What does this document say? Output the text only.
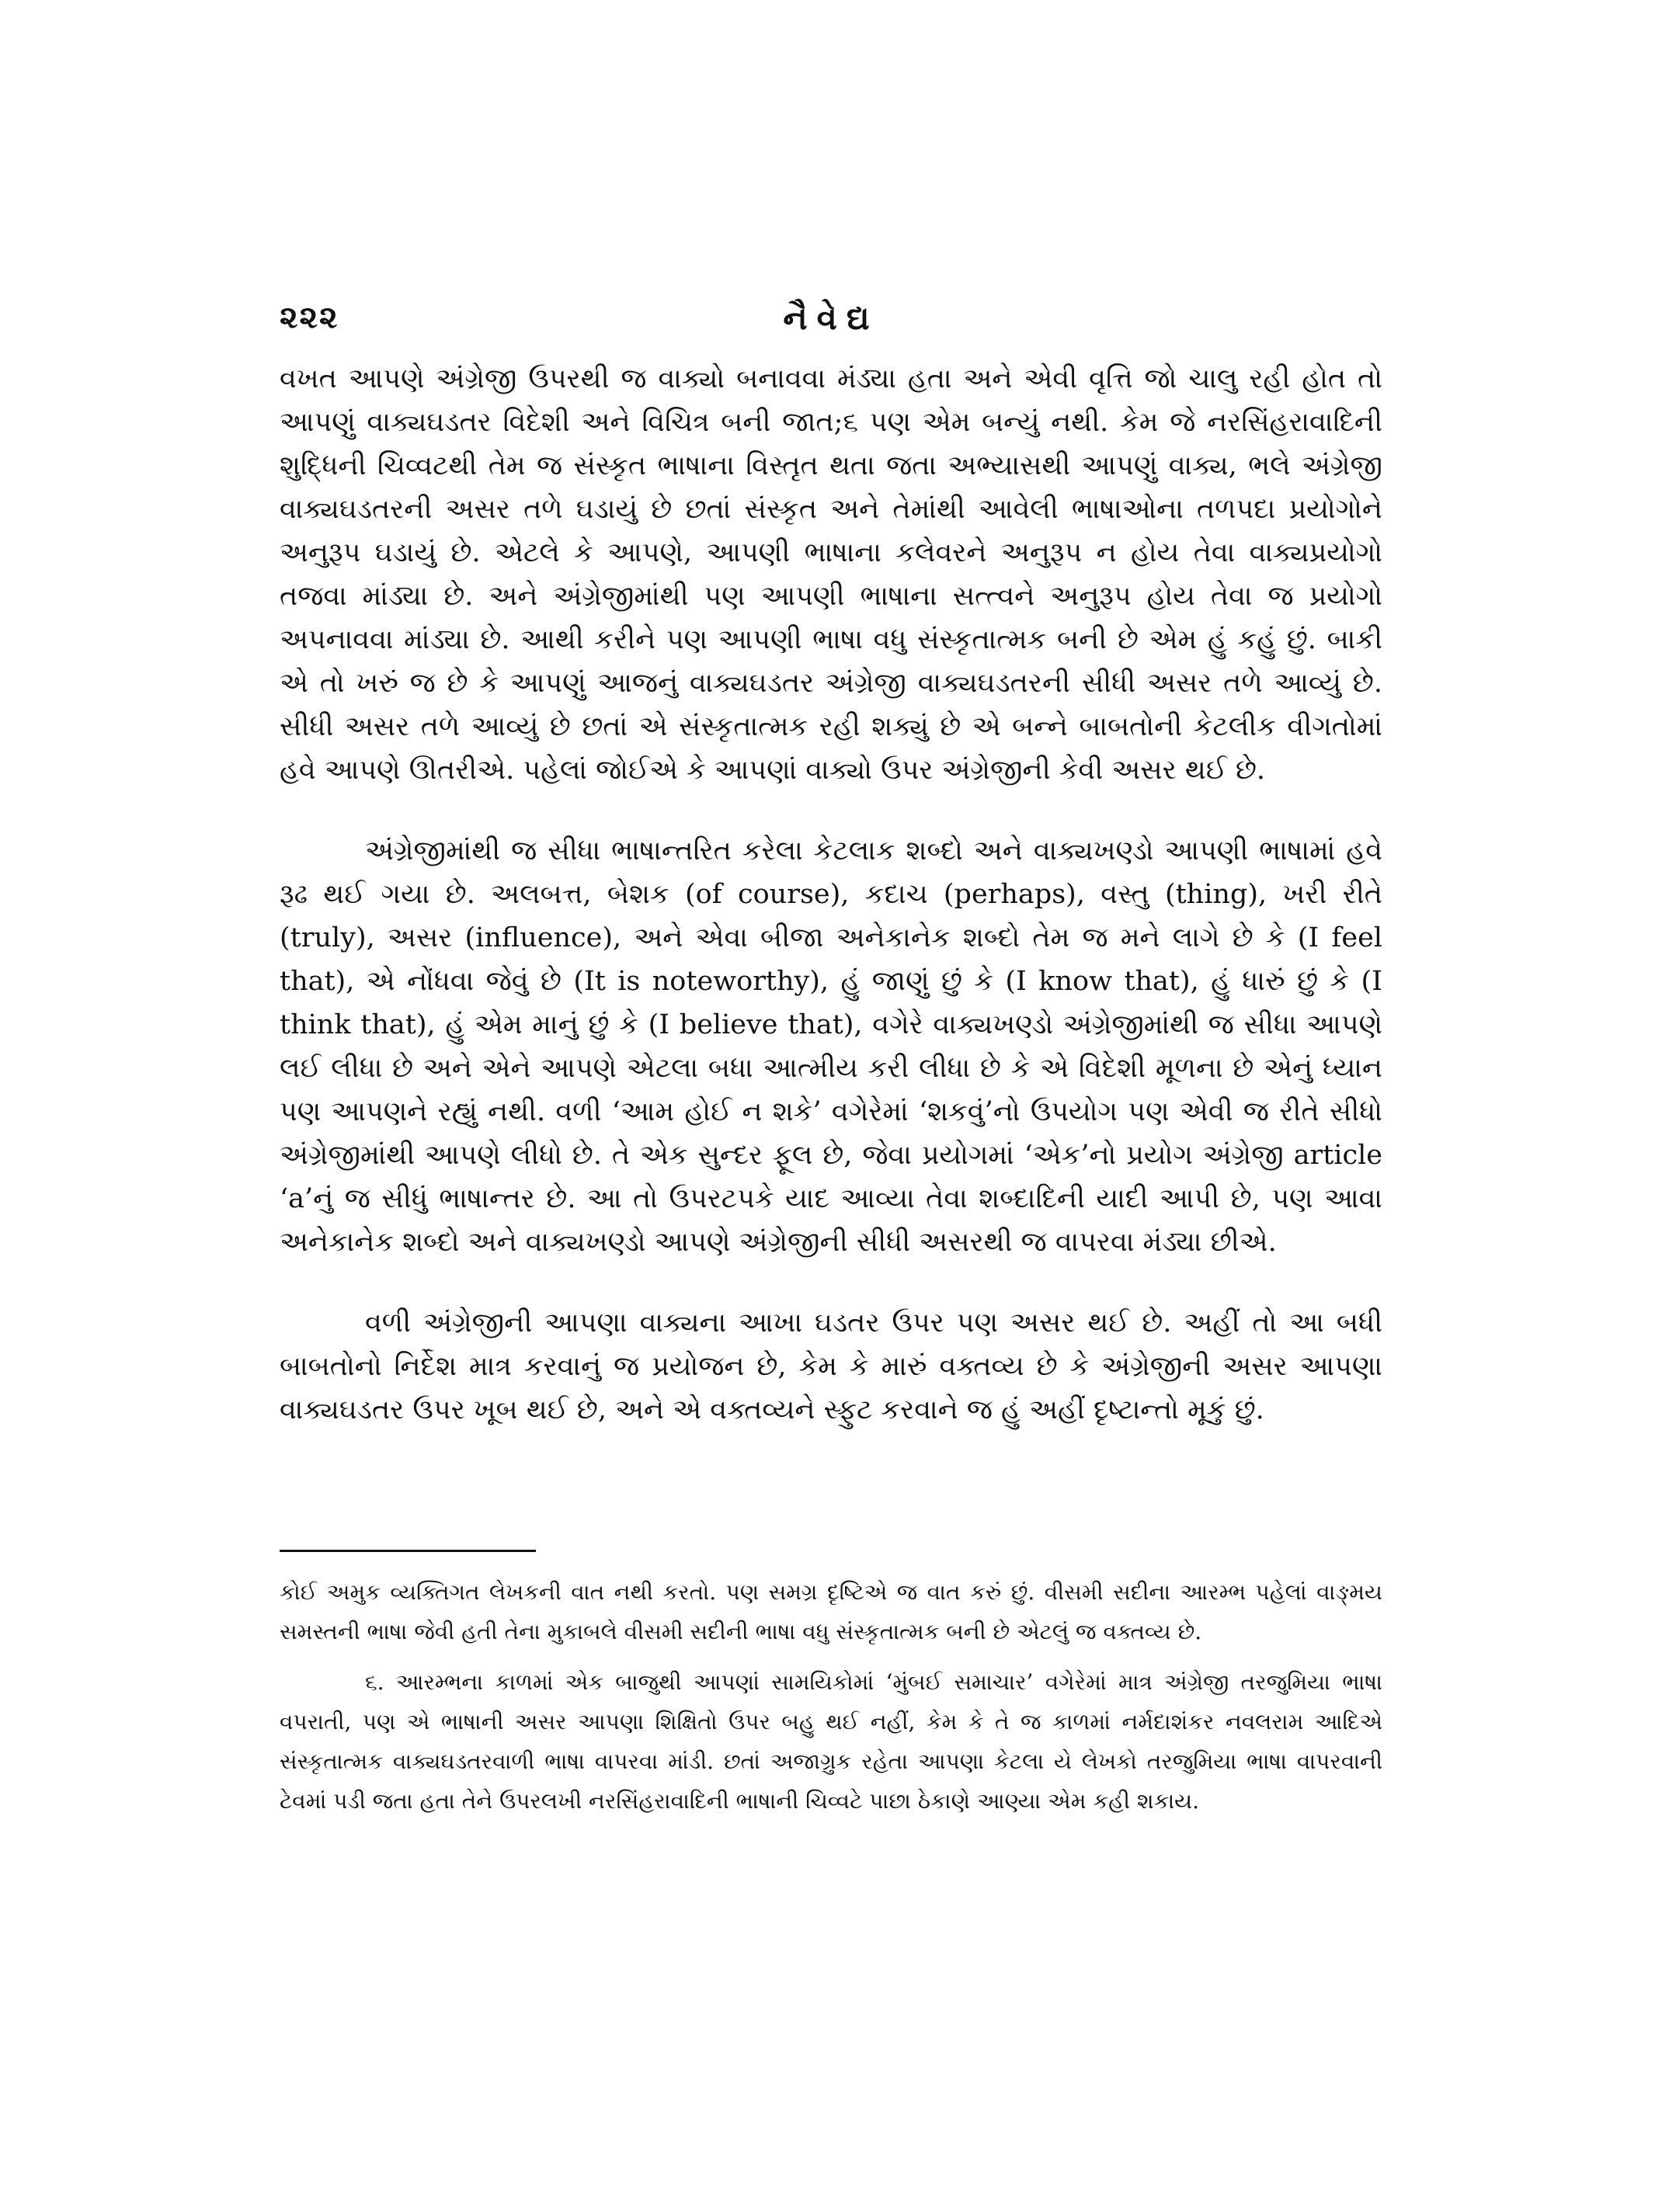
૨૨૨	નૈવેદ્ય

વખત આપણે અંગ્રેજી ઉપરથી જ વાક્યો બનાવવા મંડ્યા હતા અને એવી વૃત્તિ જો ચાલુ રહી હોત તો આપણું વાક્યઘડતર વિદેશી અને વિચિત્ર બની જાત;૬ પણ એમ બન્યું નથી. કેમ જે નરસિંહરાવાદિની શુદ્ધિની ચિવ્વટથી તેમ જ સંસ્કૃત ભાષાના વિસ્તૃત થતા જતા અભ્યાસથી આપણું વાક્ય, ભલે અંગ્રેજી વાક્યઘડતરની અસર તળે ઘડાયું છે છતાં સંસ્કૃત અને તેમાંથી આવેલી ભાષાઓના તળપદા પ્રયોગોને અનુરૂપ ઘડાયું છે. એટલે કે આપણે, આપણી ભાષાના કલેવરને અનુરૂપ ન હોય તેવા વાક્યપ્રયોગો તજવા માંડ્યા છે. અને અંગ્રેજીમાંથી પણ આપણી ભાષાના સત્ત્વને અનુરૂપ હોય તેવા જ પ્રયોગો અપનાવવા માંડ્યા છે. આથી કરીને પણ આપણી ભાષા વધુ સંસ્કૃતાત્મક બની છે એમ હું કહું છું. બાકી એ તો ખરું જ છે કે આપણું આજનું વાક્યઘડતર અંગ્રેજી વાક્યઘડતરની સીધી અસર તળે આવ્યું છે. સીધી અસર તળે આવ્યું છે છતાં એ સંસ્કૃતાત્મક રહી શક્યું છે એ બન્ને બાબતોની કેટલીક વીગતોમાં હવે આપણે ઊતરીએ. પહેલાં જોઈએ કે આપણાં વાક્યો ઉપર અંગ્રેજીની કેવી અસર થઈ છે.

અંગ્રેજીમાંથી જ સીધા ભાષાન્તરિત કરેલા કેટલાક શબ્દો અને વાક્યખણ્ડો આપણી ભાષામાં હવે રૂઢ થઈ ગયા છે. અલબત્ત, બેશક (of course), કદાચ (perhaps), વસ્તુ (thing), ખરી રીતે (truly), અસર (influence), અને એવા બીજા અનેકાનેક શબ્દો તેમ જ મને લાગે છે કે (I feel that), એ નોંધવા જેવું છે (It is noteworthy), હું જાણું છું કે (I know that), હું ધારું છું કે (I think that), હું એમ માનું છું કે (I believe that), વગેરે વાક્યખણ્ડો અંગ્રેજીમાંથી જ સીધા આપણે લઈ લીધા છે અને એને આપણે એટલા બધા આત્મીય કરી લીધા છે કે એ વિદેશી મૂળના છે એનું ધ્યાન પણ આપણને રહ્યું નથી. વળી ‘આમ હોઈ ન શકે’ વગેરેમાં ‘શકવું’નો ઉપયોગ પણ એવી જ રીતે સીધો અંગ્રેજીમાંથી આપણે લીધો છે. તે એક સુન્દર ફૂલ છે, જેવા પ્રયોગમાં ‘એક’નો પ્રયોગ અંગ્રેજી article ‘a’નું જ સીધું ભાષાન્તર છે. આ તો ઉપરટપકે યાદ આવ્યા તેવા શબ્દાદિની યાદી આપી છે, પણ આવા અનેકાનેક શબ્દો અને વાક્યખણ્ડો આપણે અંગ્રેજીની સીધી અસરથી જ વાપરવા મંડ્યા છીએ.

વળી અંગ્રેજીની આપણા વાક્યના આખા ઘડતર ઉપર પણ અસર થઈ છે. અહીં તો આ બધી બાબતોનો નિર્દેશ માત્ર કરવાનું જ પ્રયોજન છે, કેમ કે મારું વક્તવ્ય છે કે અંગ્રેજીની અસર આપણા વાક્યઘડતર ઉપર ખૂબ થઈ છે, અને એ વક્તવ્યને સ્ફુટ કરવાને જ હું અહીં દૃષ્ટાન્તો મૂકું છું.

કોઈ અમુક વ્યક્તિગત લેખકની વાત નથી કરતો. પણ સમગ્ર દૃષ્ટિએ જ વાત કરું છું. વીસમી સદીના આરમ્ભ પહેલાં વાઙ્મય સમસ્તની ભાષા જેવી હતી તેના મુકાબલે વીસમી સદીની ભાષા વધુ સંસ્કૃતાત્મક બની છે એટલું જ વક્તવ્ય છે.

૬. આરમ્ભના કાળમાં એક બાજુથી આપણાં સામયિકોમાં ‘મુંબઈ સમાચાર’ વગેરેમાં માત્ર અંગ્રેજી તરજુમિયા ભાષા વપરાતી, પણ એ ભાષાની અસર આપણા શિક્ષિતો ઉપર બહુ થઈ નહીં, કેમ કે તે જ કાળમાં નર્મદાશંકર નવલરામ આદિએ સંસ્કૃતાત્મક વાક્યઘડતરવાળી ભાષા વાપરવા માંડી. છતાં અજાગ્રુક રહેતા આપણા કેટલા યે લેખકો તરજુમિયા ભાષા વાપરવાની ટેવમાં પડી જતા હતા તેને ઉપરલખી નરસિંહરાવાદિની ભાષાની ચિવ્વટે પાછા ઠેકાણે આણ્યા એમ કહી શકાય.
